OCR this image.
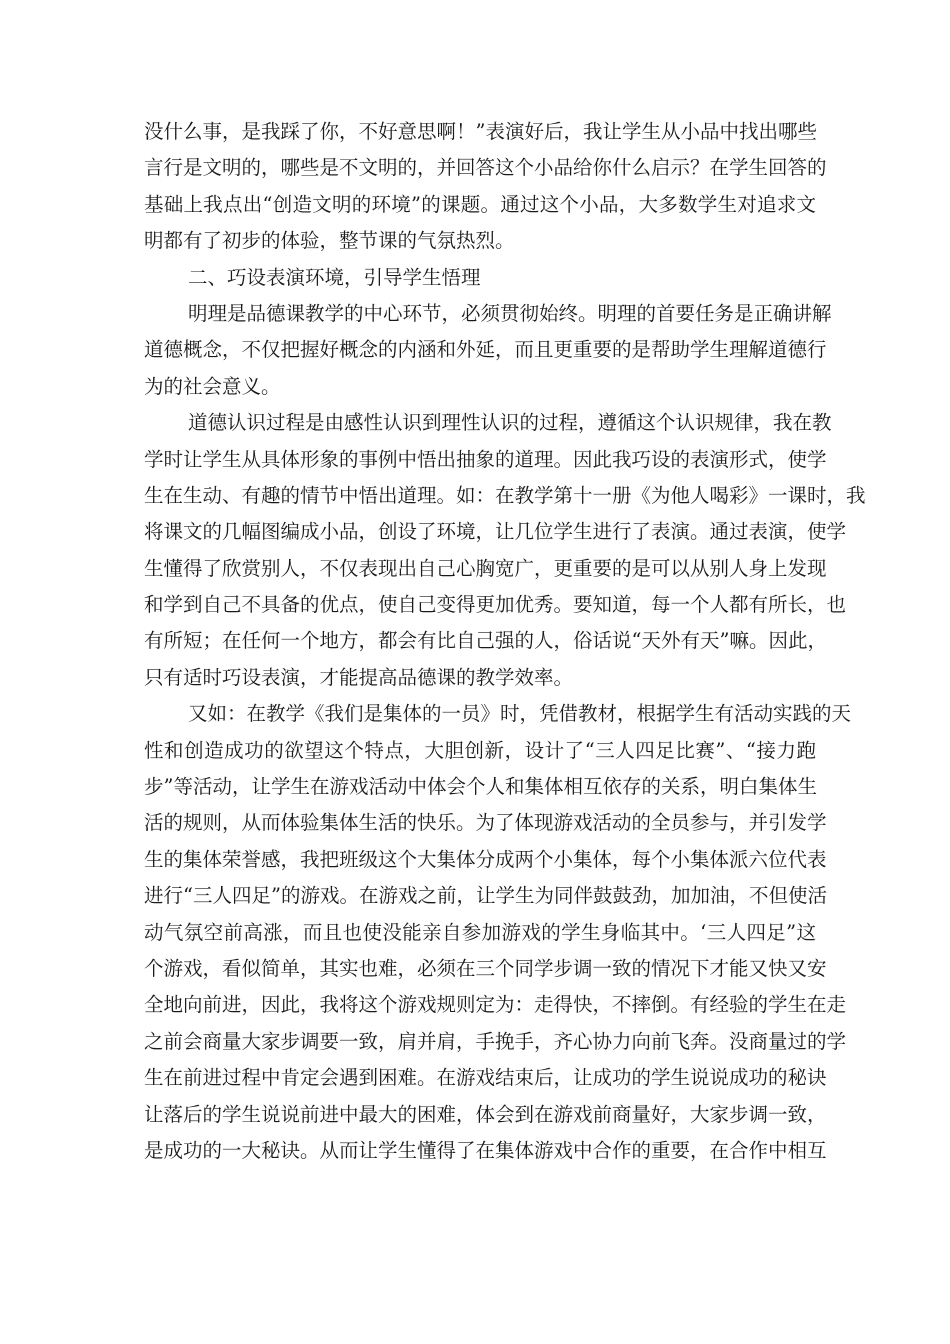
没什么事，是我踩了你，不好意思啊！”表演好后，我让学生从小品中找出哪些
言行是文明的，哪些是不文明的，并回答这个小品给你什么启示？在学生回答的
基础上我点出“创造文明的环境”的课题。通过这个小品，大多数学生对追求文
明都有了初步的体验，整节课的气氛热烈。
二、巧设表演环境，引导学生悟理
明理是品德课教学的中心环节，必须贯彻始终。明理的首要任务是正确讲解
道德概念，不仅把握好概念的内涵和外延，而且更重要的是帮助学生理解道德行
为的社会意义。
道德认识过程是由感性认识到理性认识的过程，遵循这个认识规律，我在教
学时让学生从具体形象的事例中悟出抽象的道理。因此我巧设的表演形式，使学
生在生动、有趣的情节中悟出道理。如：在教学第十一册《为他人喝彩》一课时，我
将课文的几幅图编成小品，创设了环境，让几位学生进行了表演。通过表演，使学
生懂得了欣赏别人，不仅表现出自己心胸宽广，更重要的是可以从别人身上发现
和学到自己不具备的优点，使自己变得更加优秀。要知道，每一个人都有所长，也
有所短；在任何一个地方，都会有比自己强的人，俗话说“天外有天”嘛。因此，
只有适时巧设表演，才能提高品德课的教学效率。
又如：在教学《我们是集体的一员》时，凭借教材，根据学生有活动实践的天
性和创造成功的欲望这个特点，大胆创新，设计了“三人四足比赛”、“接力跑
步”等活动，让学生在游戏活动中体会个人和集体相互依存的关系，明白集体生
活的规则，从而体验集体生活的快乐。为了体现游戏活动的全员参与，并引发学
生的集体荣誉感，我把班级这个大集体分成两个小集体，每个小集体派六位代表
进行“三人四足”的游戏。在游戏之前，让学生为同伴鼓鼓劲，加加油，不但使活
动气氛空前高涨，而且也使没能亲自参加游戏的学生身临其中。‘三人四足”这
个游戏，看似简单，其实也难，必须在三个同学步调一致的情况下才能又快又安
全地向前进，因此，我将这个游戏规则定为：走得快，不摔倒。有经验的学生在走
之前会商量大家步调要一致，肩并肩，手挽手，齐心协力向前飞奔。没商量过的学
生在前进过程中肯定会遇到困难。在游戏结束后，让成功的学生说说成功的秘诀
让落后的学生说说前进中最大的困难，体会到在游戏前商量好，大家步调一致，
是成功的一大秘诀。从而让学生懂得了在集体游戏中合作的重要，在合作中相互
